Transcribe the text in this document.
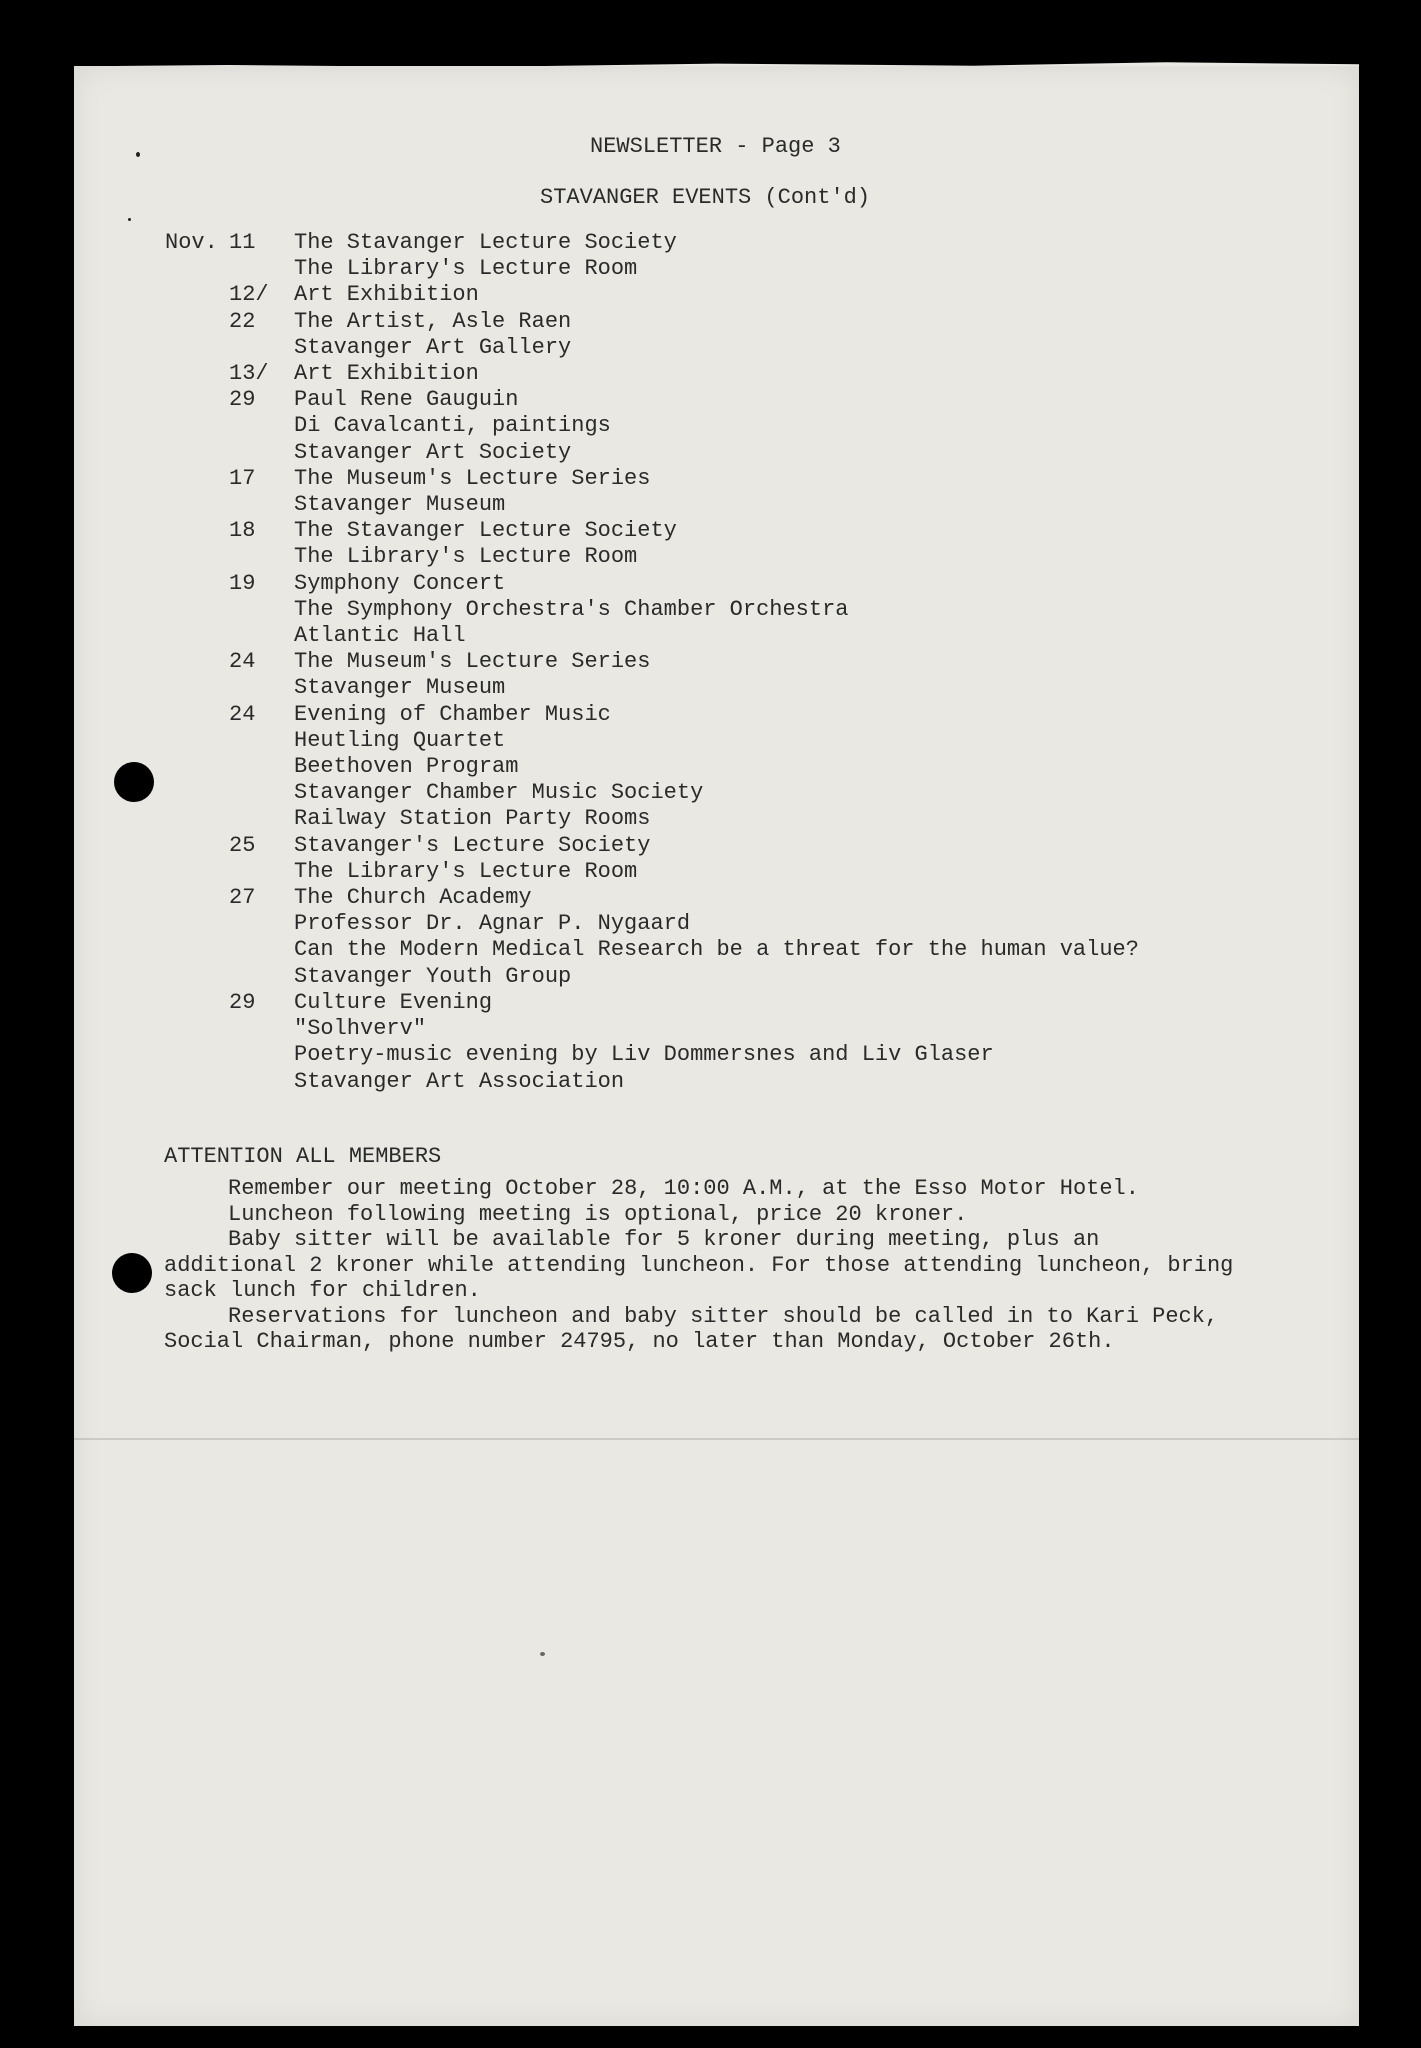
NEWSLETTER - Page 3
STAVANGER EVENTS (Cont'd)
Nov. 11	The Stavanger Lecture Society
The Library's Lecture Room
12/	Art Exhibition
22	The Artist, Asle Raen
Stavanger Art Gallery
13/	Art Exhibition
29	Paul Rene Gauguin
Di Cavalcanti, paintings
Stavanger Art Society
17	The Museum's Lecture Series
Stavanger Museum
18	The Stavanger Lecture Society
The Library's Lecture Room
19	Symphony Concert
The Symphony Orchestra's Chamber Orchestra
Atlantic Hall
24	The Museum's Lecture Series
Stavanger Museum
24	Evening of Chamber Music
Heutling Quartet
Beethoven Program
Stavanger Chamber Music Society
Railway Station Party Rooms
25	Stavanger's Lecture Society
The Library's Lecture Room
27	The Church Academy
Professor Dr. Agnar P. Nygaard
Can the Modern Medical Research be a threat for the human value?
Stavanger Youth Group
29	Culture Evening
"Solhverv"
Poetry-music evening by Liv Dommersnes and Liv Glaser
Stavanger Art Association
ATTENTION ALL MEMBERS

Remember our meeting October 28, 10:00 A.M., at the Esso Motor Hotel.

Luncheon following meeting is optional, price 20 kroner.

Baby sitter will be available for 5 kroner during meeting, plus an additional 2 kroner while attending luncheon. For those attending luncheon, bring sack lunch for children.

Reservations for luncheon and baby sitter should be called in to Kari Peck, Social Chairman, phone number 24795, no later than Monday, October 26th.
